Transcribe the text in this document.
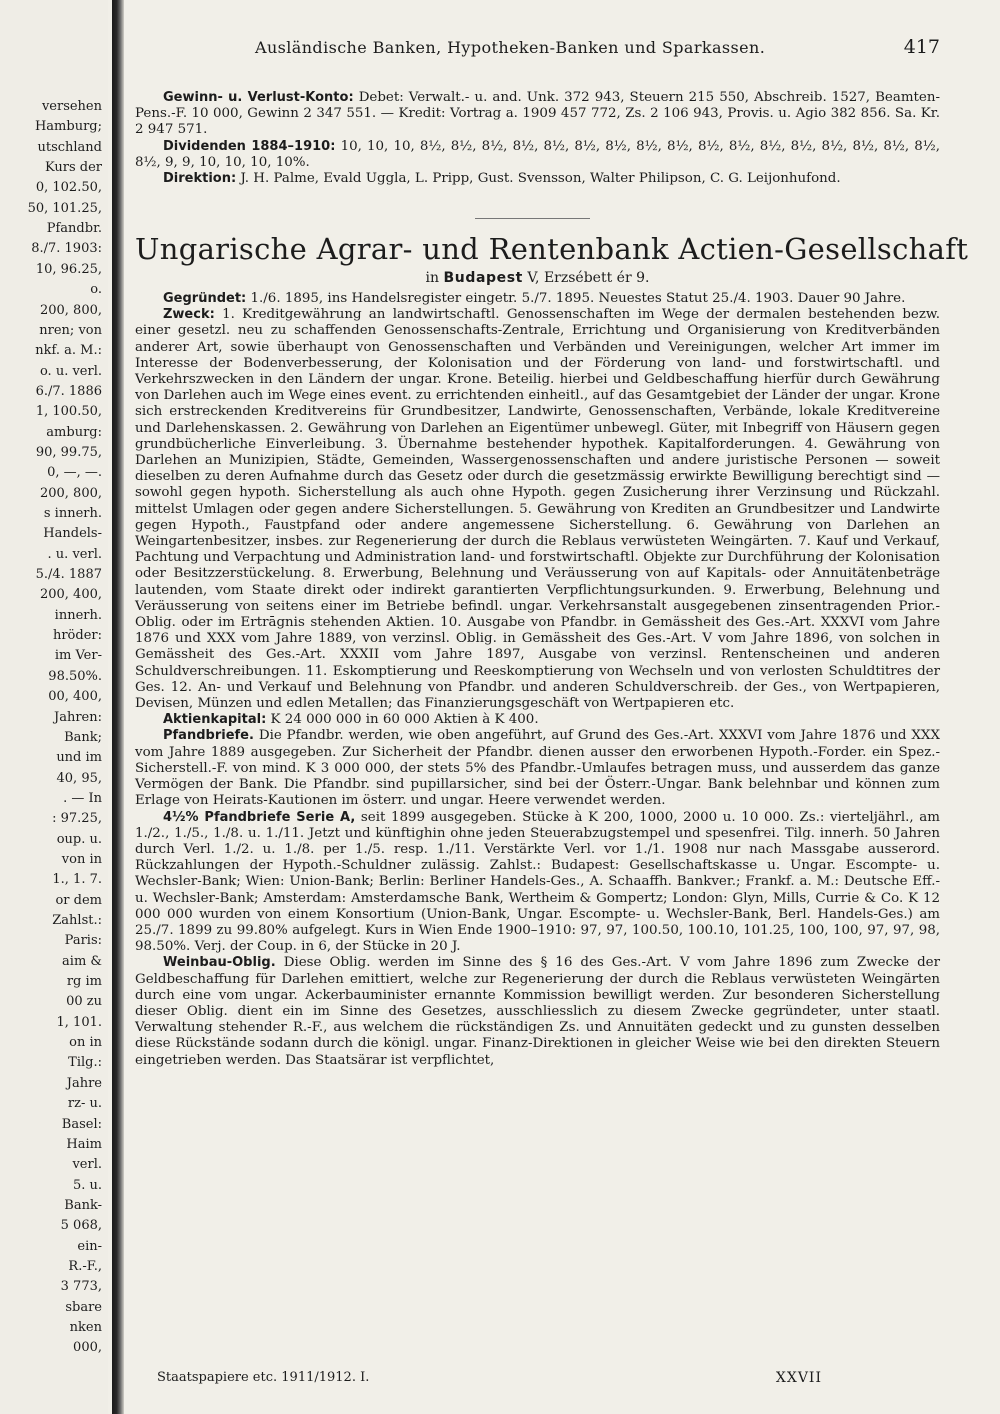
versehen
Hamburg;
utschland
Kurs der
0, 102.50,
50, 101.25,
Pfandbr.
8./7. 1903:
10, 96.25,
o.
200, 800,
nren; von
nkf. a. M.:
o. u. verl.
6./7. 1886
1, 100.50,
amburg:
90, 99.75,
0, —, —.
200, 800,
s innerh.
Handels-
. u. verl.
5./4. 1887
200, 400,
innerh.
hröder:
im Ver-
98.50%.
00, 400,
Jahren:
Bank;
und im
40, 95,
. — In
: 97.25,
oup. u.
von in
1., 1. 7.
or dem
Zahlst.:
Paris:
aim &
rg im
00 zu
1, 101.
on in
Tilg.:
Jahre
rz- u.
Basel:
Haim
verl.
5. u.
Bank-
5 068,
ein-
R.-F.,
3 773,
sbare
nken
000,
Ausländische Banken, Hypotheken-Banken und Sparkassen.	417

Gewinn- u. Verlust-Konto: Debet: Verwalt.- u. and. Unk. 372 943, Steuern 215 550, Abschreib. 1527, Beamten-Pens.-F. 10 000, Gewinn 2 347 551. — Kredit: Vortrag a. 1909 457 772, Zs. 2 106 943, Provis. u. Agio 382 856. Sa. Kr. 2 947 571.

Dividenden 1884–1910: 10, 10, 10, 8½, 8½, 8½, 8½, 8½, 8½, 8½, 8½, 8½, 8½, 8½, 8½, 8½, 8½, 8½, 8½, 8½, 8½, 9, 9, 10, 10, 10, 10%.

Direktion: J. H. Palme, Evald Uggla, L. Pripp, Gust. Svensson, Walter Philipson, C. G. Leijonhufond.

Ungarische Agrar- und Rentenbank Actien-Gesellschaft
in Budapest V, Erzsébett ér 9.

Gegründet: 1./6. 1895, ins Handelsregister eingetr. 5./7. 1895. Neuestes Statut 25./4. 1903. Dauer 90 Jahre.

Zweck: 1. Kreditgewährung an landwirtschaftl. Genossenschaften im Wege der dermalen bestehenden bezw. einer gesetzl. neu zu schaffenden Genossenschafts-Zentrale, Errichtung und Organisierung von Kreditverbänden anderer Art, sowie überhaupt von Genossenschaften und Verbänden und Vereinigungen, welcher Art immer im Interesse der Bodenverbesserung, der Kolonisation und der Förderung von land- und forstwirtschaftl. und Verkehrszwecken in den Ländern der ungar. Krone. Beteilig. hierbei und Geldbeschaffung hierfür durch Gewährung von Darlehen auch im Wege eines event. zu errichtenden einheitl., auf das Gesamtgebiet der Länder der ungar. Krone sich erstreckenden Kreditvereins für Grundbesitzer, Landwirte, Genossenschaften, Verbände, lokale Kreditvereine und Darlehenskassen. 2. Gewährung von Darlehen an Eigentümer unbewegl. Güter, mit Inbegriff von Häusern gegen grundbücherliche Einverleibung. 3. Übernahme bestehender hypothek. Kapitalforderungen. 4. Gewährung von Darlehen an Munizipien, Städte, Gemeinden, Wassergenossenschaften und andere juristische Personen — soweit dieselben zu deren Aufnahme durch das Gesetz oder durch die gesetzmässig erwirkte Bewilligung berechtigt sind — sowohl gegen hypoth. Sicherstellung als auch ohne Hypoth. gegen Zusicherung ihrer Verzinsung und Rückzahl. mittelst Umlagen oder gegen andere Sicherstellungen. 5. Gewährung von Krediten an Grundbesitzer und Landwirte gegen Hypoth., Faustpfand oder andere angemessene Sicherstellung. 6. Gewährung von Darlehen an Weingartenbesitzer, insbes. zur Regenerierung der durch die Reblaus verwüsteten Weingärten. 7. Kauf und Verkauf, Pachtung und Verpachtung und Administration land- und forstwirtschaftl. Objekte zur Durchführung der Kolonisation oder Besitzzerstückelung. 8. Erwerbung, Belehnung und Veräusserung von auf Kapitals- oder Annuitätenbeträge lautenden, vom Staate direkt oder indirekt garantierten Verpflichtungsurkunden. 9. Erwerbung, Belehnung und Veräusserung von seitens einer im Betriebe befindl. ungar. Verkehrsanstalt ausgegebenen zinsentragenden Prior.-Oblig. oder im Ertrāgnis stehenden Aktien. 10. Ausgabe von Pfandbr. in Gemässheit des Ges.-Art. XXXVI vom Jahre 1876 und XXX vom Jahre 1889, von verzinsl. Oblig. in Gemässheit des Ges.-Art. V vom Jahre 1896, von solchen in Gemässheit des Ges.-Art. XXXII vom Jahre 1897, Ausgabe von verzinsl. Rentenscheinen und anderen Schuldverschreibungen. 11. Eskomptierung und Reeskomptierung von Wechseln und von verlosten Schuldtitres der Ges. 12. An- und Verkauf und Belehnung von Pfandbr. und anderen Schuldverschreib. der Ges., von Wertpapieren, Devisen, Münzen und edlen Metallen; das Finanzierungsgeschäft von Wertpapieren etc.

Aktienkapital: K 24 000 000 in 60 000 Aktien à K 400.

Pfandbriefe. Die Pfandbr. werden, wie oben angeführt, auf Grund des Ges.-Art. XXXVI vom Jahre 1876 und XXX vom Jahre 1889 ausgegeben. Zur Sicherheit der Pfandbr. dienen ausser den erworbenen Hypoth.-Forder. ein Spez.-Sicherstell.-F. von mind. K 3 000 000, der stets 5% des Pfandbr.-Umlaufes betragen muss, und ausserdem das ganze Vermögen der Bank. Die Pfandbr. sind pupillarsicher, sind bei der Österr.-Ungar. Bank belehnbar und können zum Erlage von Heirats-Kautionen im österr. und ungar. Heere verwendet werden.

4½% Pfandbriefe Serie A, seit 1899 ausgegeben. Stücke à K 200, 1000, 2000 u. 10 000. Zs.: vierteljährl., am 1./2., 1./5., 1./8. u. 1./11. Jetzt und künftighin ohne jeden Steuerabzugstempel und spesenfrei. Tilg. innerh. 50 Jahren durch Verl. 1./2. u. 1./8. per 1./5. resp. 1./11. Verstärkte Verl. vor 1./1. 1908 nur nach Massgabe ausserord. Rückzahlungen der Hypoth.-Schuldner zulässig. Zahlst.: Budapest: Gesellschaftskasse u. Ungar. Escompte- u. Wechsler-Bank; Wien: Union-Bank; Berlin: Berliner Handels-Ges., A. Schaaffh. Bankver.; Frankf. a. M.: Deutsche Eff.- u. Wechsler-Bank; Amsterdam: Amsterdamsche Bank, Wertheim & Gompertz; London: Glyn, Mills, Currie & Co. K 12 000 000 wurden von einem Konsortium (Union-Bank, Ungar. Escompte- u. Wechsler-Bank, Berl. Handels-Ges.) am 25./7. 1899 zu 99.80% aufgelegt. Kurs in Wien Ende 1900–1910: 97, 97, 100.50, 100.10, 101.25, 100, 100, 97, 97, 98, 98.50%. Verj. der Coup. in 6, der Stücke in 20 J.

Weinbau-Oblig. Diese Oblig. werden im Sinne des § 16 des Ges.-Art. V vom Jahre 1896 zum Zwecke der Geldbeschaffung für Darlehen emittiert, welche zur Regenerierung der durch die Reblaus verwüsteten Weingärten durch eine vom ungar. Ackerbauminister ernannte Kommission bewilligt werden. Zur besonderen Sicherstellung dieser Oblig. dient ein im Sinne des Gesetzes, ausschliesslich zu diesem Zwecke gegründeter, unter staatl. Verwaltung stehender R.-F., aus welchem die rückständigen Zs. und Annuitäten gedeckt und zu gunsten desselben diese Rückstände sodann durch die königl. ungar. Finanz-Direktionen in gleicher Weise wie bei den direkten Steuern eingetrieben werden. Das Staatsärar ist verpflichtet,

Staatspapiere etc. 1911/1912. I.	XXVII
